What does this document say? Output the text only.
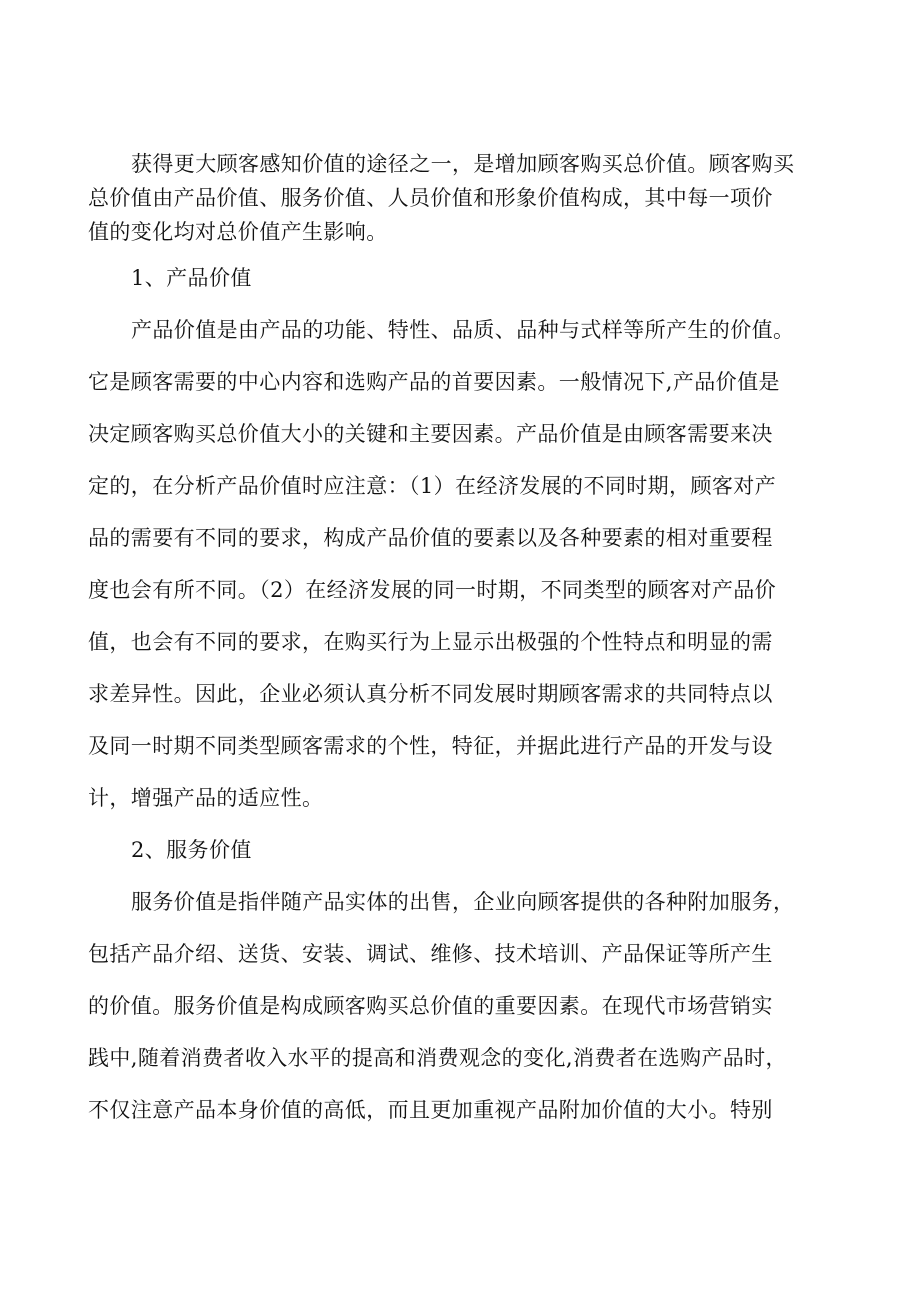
获得更大顾客感知价值的途径之一，是增加顾客购买总价值。顾客购买
总价值由产品价值、服务价值、人员价值和形象价值构成，其中每一项价
值的变化均对总价值产生影响。
1、产品价值
产品价值是由产品的功能、特性、品质、品种与式样等所产生的价值。
它是顾客需要的中心内容和选购产品的首要因素。一般情况下,产品价值是
决定顾客购买总价值大小的关键和主要因素。产品价值是由顾客需要来决
定的，在分析产品价值时应注意：（1）在经济发展的不同时期，顾客对产
品的需要有不同的要求，构成产品价值的要素以及各种要素的相对重要程
度也会有所不同。（2）在经济发展的同一时期，不同类型的顾客对产品价
值，也会有不同的要求，在购买行为上显示出极强的个性特点和明显的需
求差异性。因此，企业必须认真分析不同发展时期顾客需求的共同特点以
及同一时期不同类型顾客需求的个性，特征，并据此进行产品的开发与设
计，增强产品的适应性。
2、服务价值
服务价值是指伴随产品实体的出售，企业向顾客提供的各种附加服务，
包括产品介绍、送货、安装、调试、维修、技术培训、产品保证等所产生
的价值。服务价值是构成顾客购买总价值的重要因素。在现代市场营销实
践中,随着消费者收入水平的提高和消费观念的变化,消费者在选购产品时，
不仅注意产品本身价值的高低，而且更加重视产品附加价值的大小。特别
